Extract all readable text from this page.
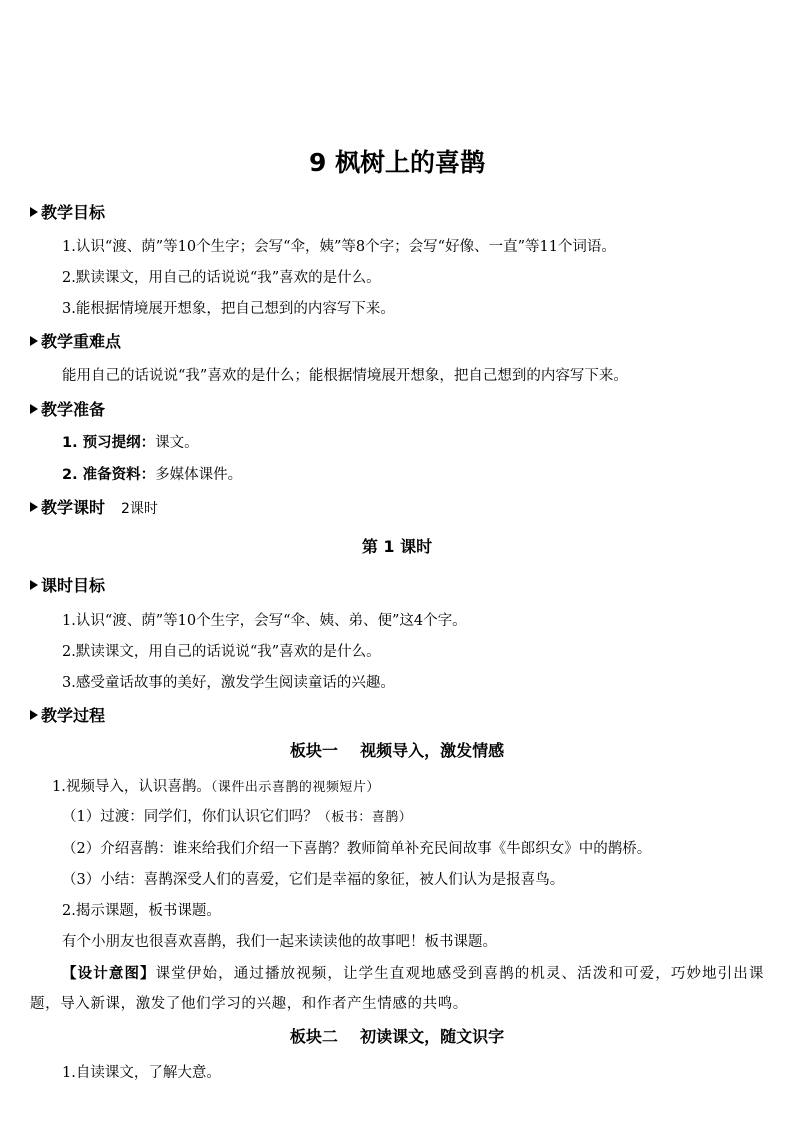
9 枫树上的喜鹊
教学目标
1.认识“渡、荫”等10个生字；会写“伞，姨”等8个字；会写“好像、一直”等11个词语。
2.默读课文，用自己的话说说“我”喜欢的是什么。
3.能根据情境展开想象，把自己想到的内容写下来。
教学重难点
能用自己的话说说“我”喜欢的是什么；能根据情境展开想象，把自己想到的内容写下来。
教学准备
1. 预习提纲：课文。
2. 准备资料：多媒体课件。
教学课时 2课时
第 1 课时
课时目标
1.认识“渡、荫”等10个生字，会写“伞、姨、弟、便”这4个字。
2.默读课文，用自己的话说说“我”喜欢的是什么。
3.感受童话故事的美好，激发学生阅读童话的兴趣。
教学过程
板块一    视频导入，激发情感
1.视频导入，认识喜鹊。（课件出示喜鹊的视频短片）
（1）过渡：同学们，你们认识它们吗？（板书：喜鹊）
（2）介绍喜鹊：谁来给我们介绍一下喜鹊？教师简单补充民间故事《牛郎织女》中的鹊桥。
（3）小结：喜鹊深受人们的喜爱，它们是幸福的象征，被人们认为是报喜鸟。
2.揭示课题，板书课题。
有个小朋友也很喜欢喜鹊，我们一起来读读他的故事吧！板书课题。
【设计意图】课堂伊始，通过播放视频，让学生直观地感受到喜鹊的机灵、活泼和可爱，巧妙地引出课题，导入新课，激发了他们学习的兴趣，和作者产生情感的共鸣。
板块二    初读课文，随文识字
1.自读课文，了解大意。
